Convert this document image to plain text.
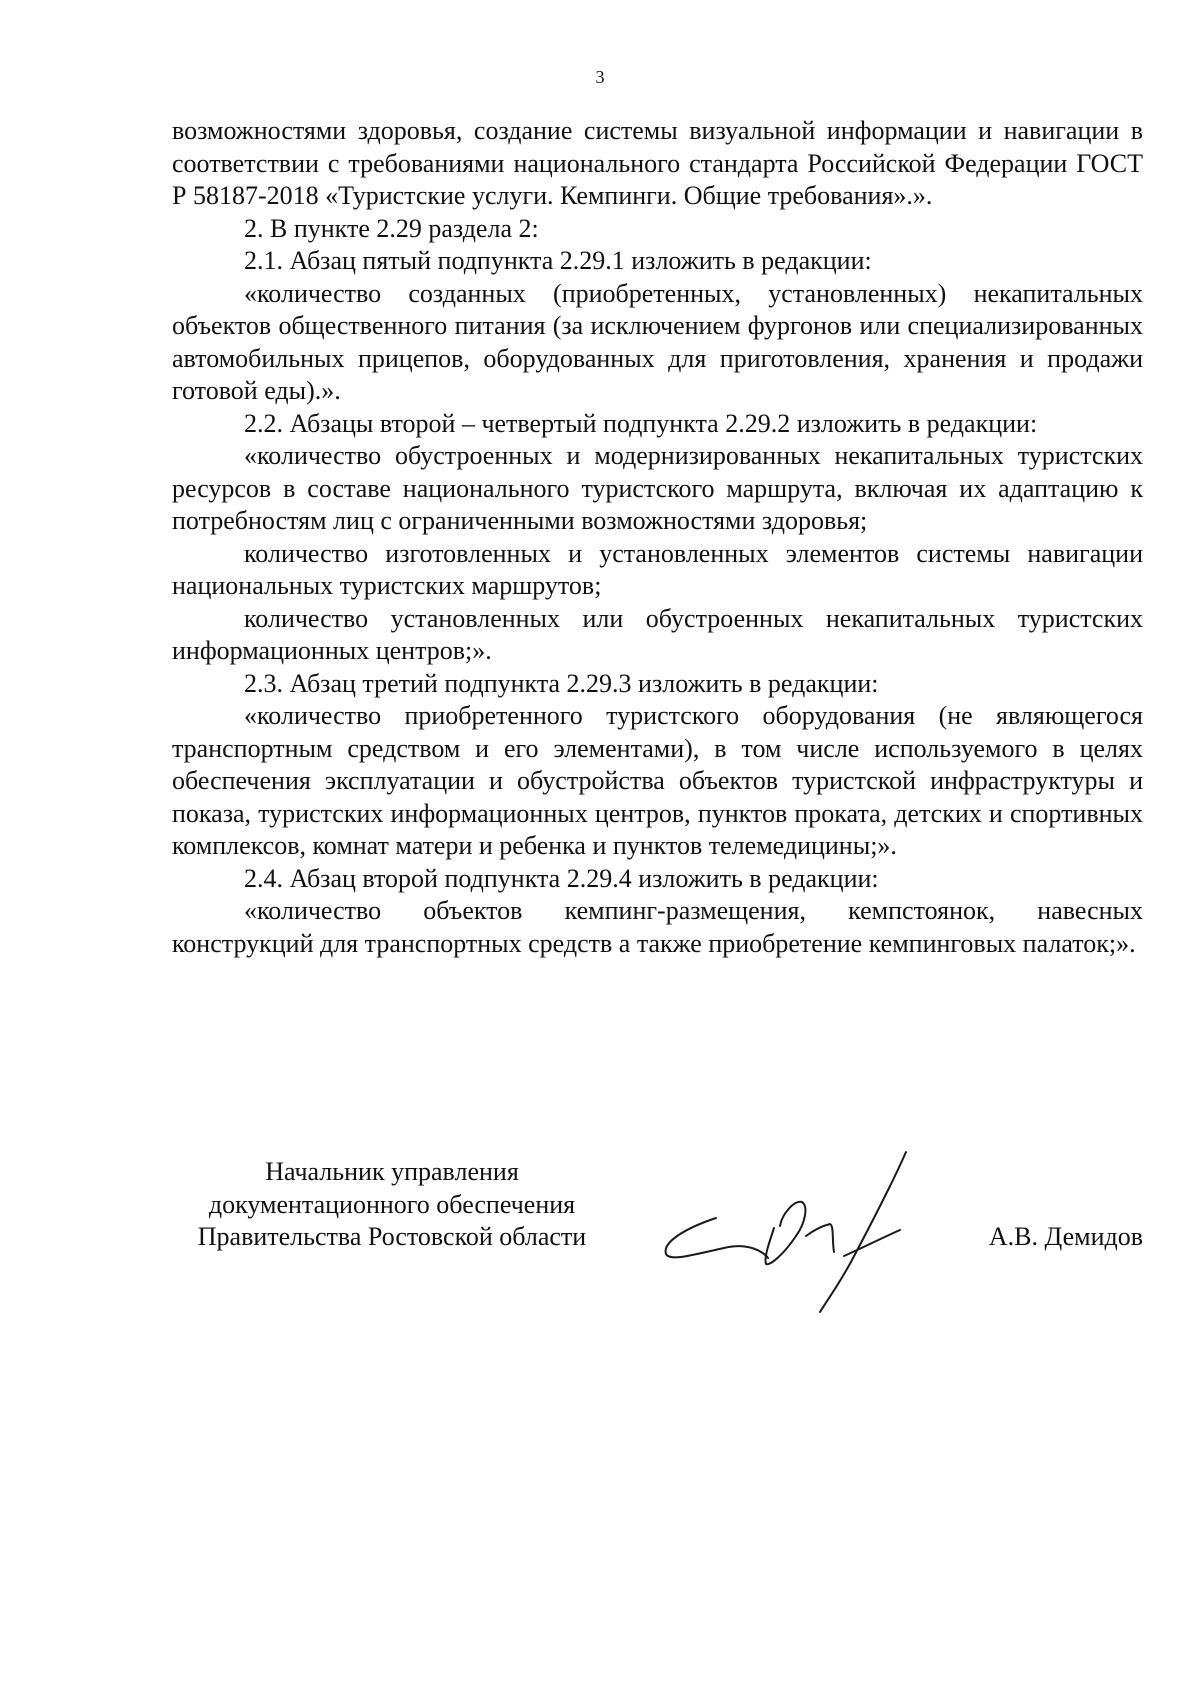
3

возможностями здоровья, создание системы визуальной информации и навигации в соответствии с требованиями национального стандарта Российской Федерации ГОСТ Р 58187-2018 «Туристские услуги. Кемпинги. Общие требования».».

2. В пункте 2.29 раздела 2:

2.1. Абзац пятый подпункта 2.29.1 изложить в редакции:

«количество созданных (приобретенных, установленных) некапитальных объектов общественного питания (за исключением фургонов или специализированных автомобильных прицепов, оборудованных для приготовления, хранения и продажи готовой еды).».

2.2. Абзацы второй – четвертый подпункта 2.29.2 изложить в редакции:

«количество обустроенных и модернизированных некапитальных туристских ресурсов в составе национального туристского маршрута, включая их адаптацию к потребностям лиц с ограниченными возможностями здоровья;

количество изготовленных и установленных элементов системы навигации национальных туристских маршрутов;

количество установленных или обустроенных некапитальных туристских информационных центров;».

2.3. Абзац третий подпункта 2.29.3 изложить в редакции:

«количество приобретенного туристского оборудования (не являющегося транспортным средством и его элементами), в том числе используемого в целях обеспечения эксплуатации и обустройства объектов туристской инфраструктуры и показа, туристских информационных центров, пунктов проката, детских и спортивных комплексов, комнат матери и ребенка и пунктов телемедицины;».

2.4. Абзац второй подпункта 2.29.4 изложить в редакции:

«количество объектов кемпинг-размещения, кемпстоянок, навесных конструкций для транспортных средств а также приобретение кемпинговых палаток;».

Начальник управления
документационного обеспечения
Правительства Ростовской области	А.В. Демидов
